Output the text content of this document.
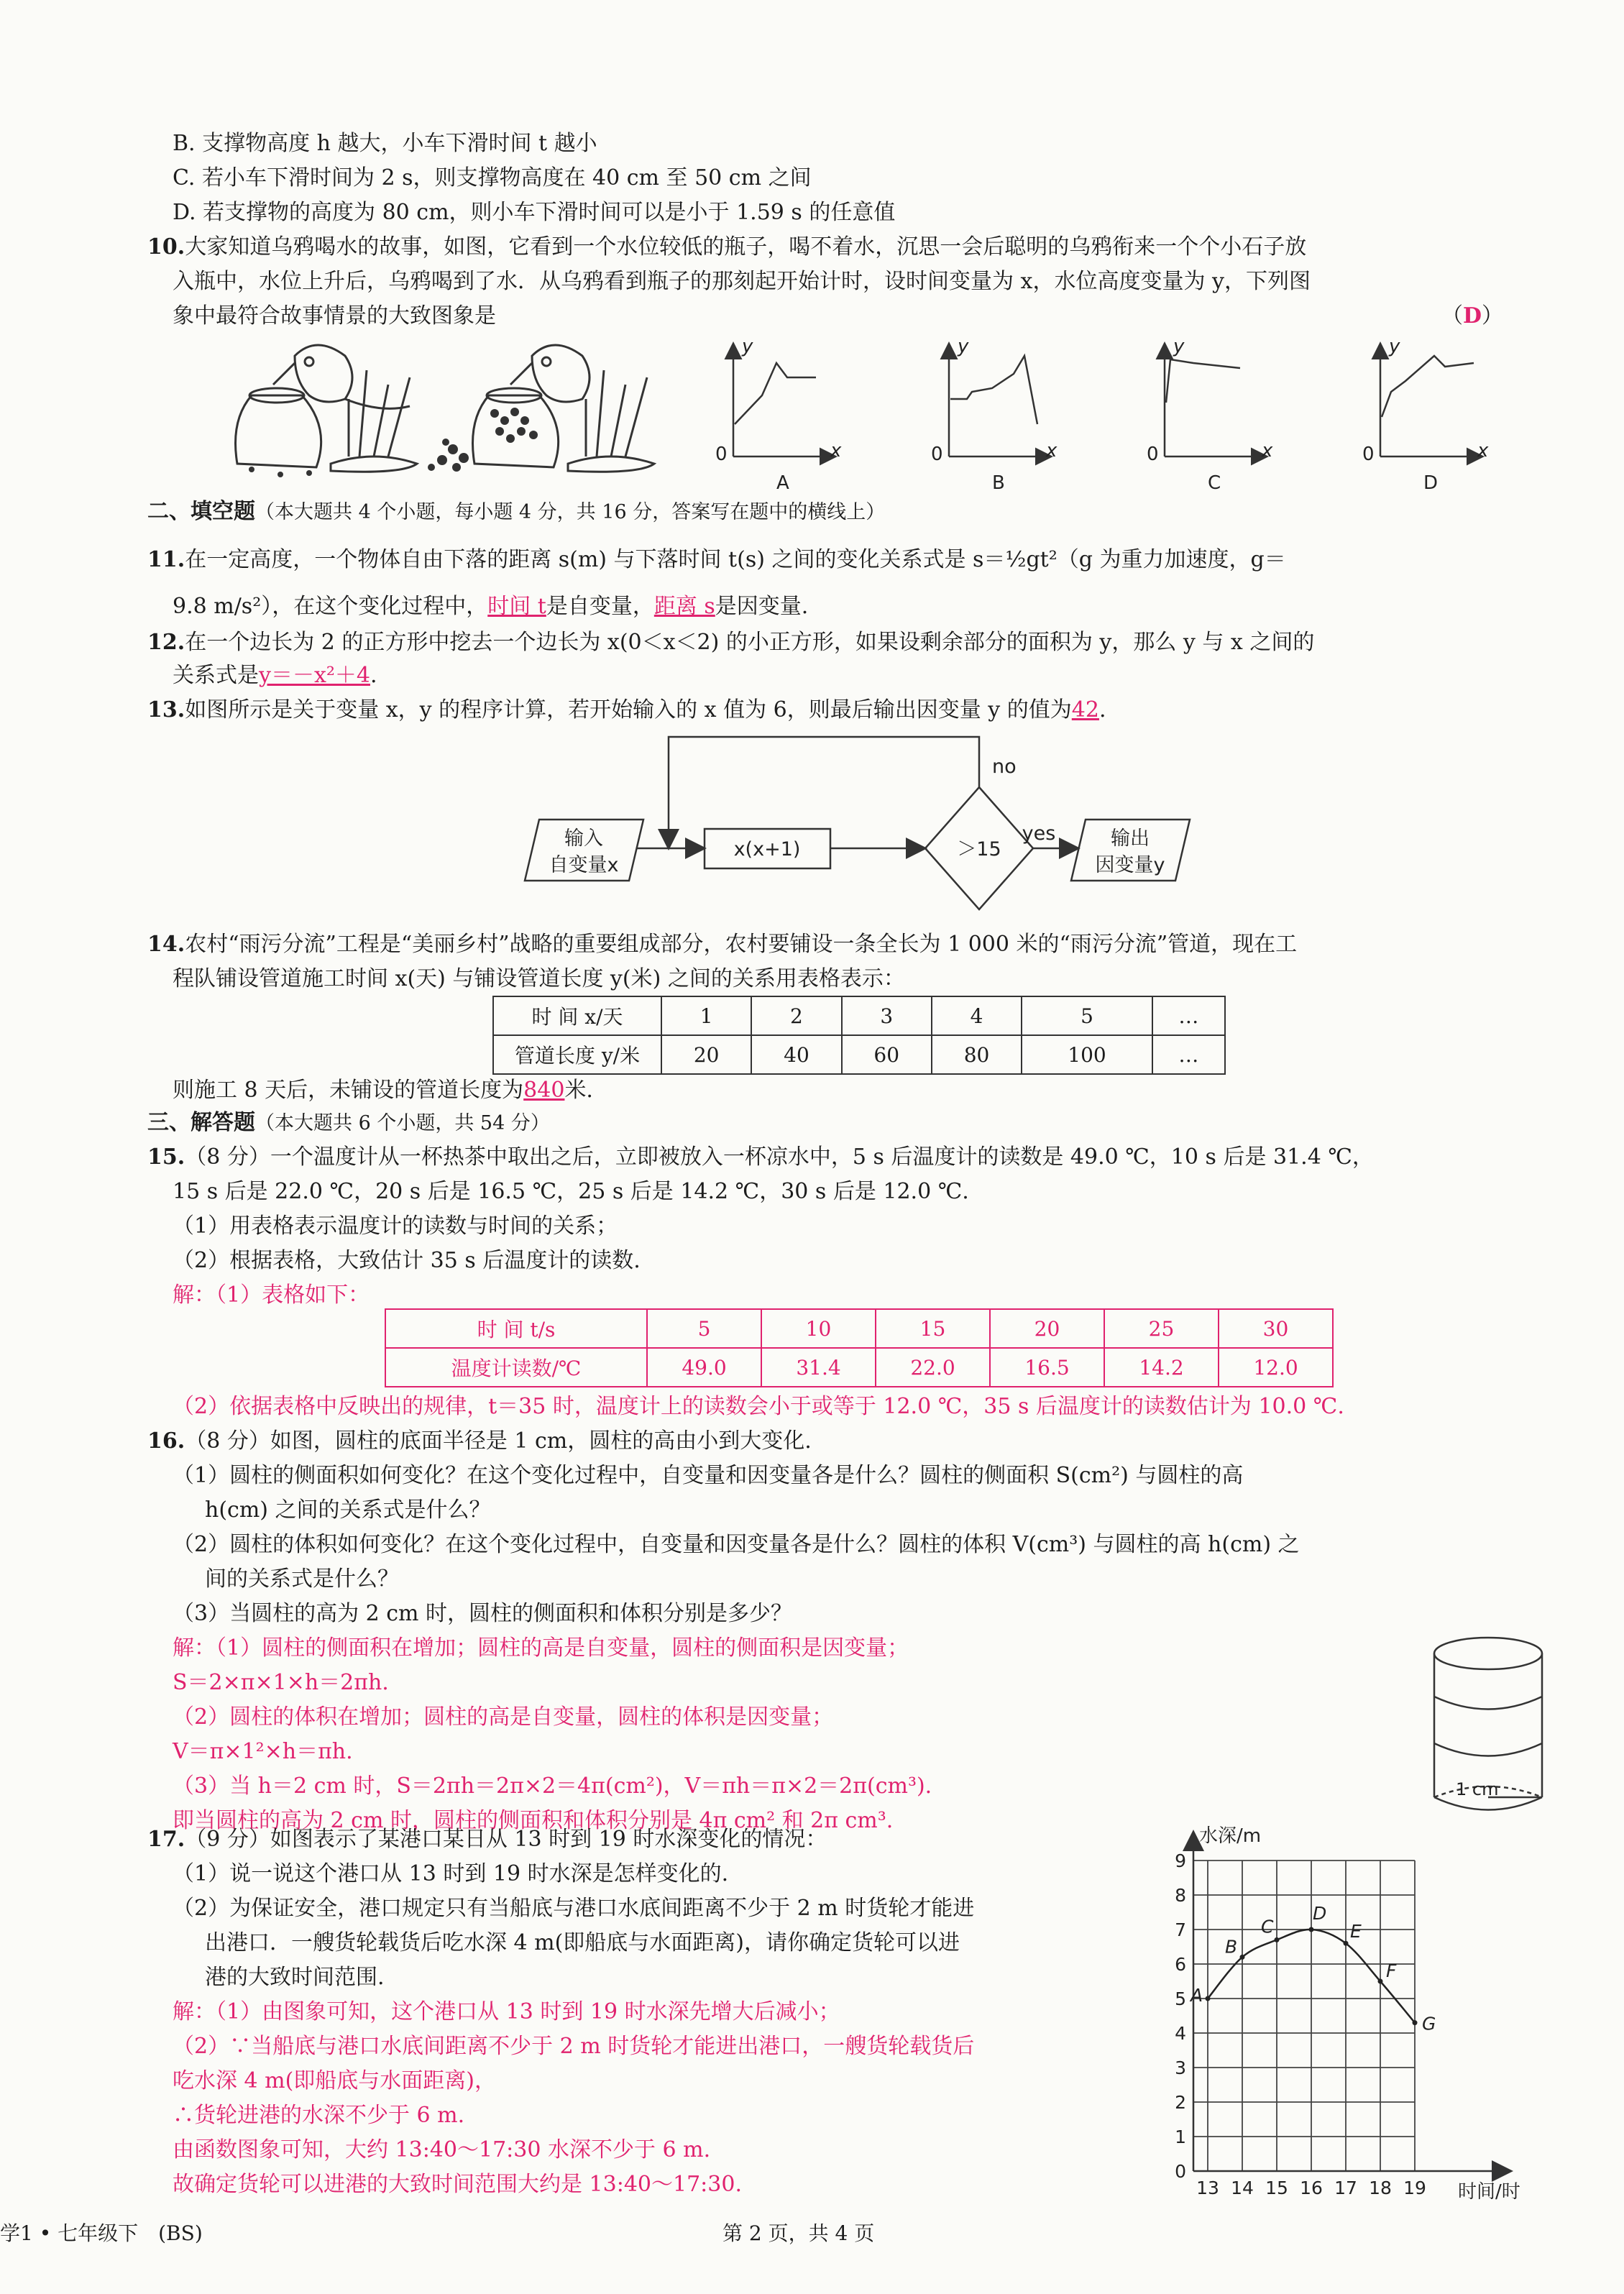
B. 支撑物高度 h 越大，小车下滑时间 t 越小
C. 若小车下滑时间为 2 s，则支撑物高度在 40 cm 至 50 cm 之间
D. 若支撑物的高度为 80 cm，则小车下滑时间可以是小于 1.59 s 的任意值
10.大家知道乌鸦喝水的故事，如图，它看到一个水位较低的瓶子，喝不着水，沉思一会后聪明的乌鸦衔来一个个小石子放
入瓶中，水位上升后，乌鸦喝到了水．从乌鸦看到瓶子的那刻起开始计时，设时间变量为 x，水位高度变量为 y，下列图
象中最符合故事情景的大致图象是	（D）
y
x
y
x
y
x
y
x
0	0	0	0
A	B	C	D
二、填空题（本大题共 4 个小题，每小题 4 分，共 16 分，答案写在题中的横线上）
11.在一定高度，一个物体自由下落的距离 s(m) 与下落时间 t(s) 之间的变化关系式是 s＝½gt²（g 为重力加速度，g＝
9.8 m/s²），在这个变化过程中，时间 t是自变量，距离 s是因变量.
12.在一个边长为 2 的正方形中挖去一个边长为 x(0＜x＜2) 的小正方形，如果设剩余部分的面积为 y，那么 y 与 x 之间的
关系式是y＝－x²＋4.
13.如图所示是关于变量 x，y 的程序计算，若开始输入的 x 值为 6，则最后输出因变量 y 的值为42.
输入
自变量x
x(x+1)	＞15	输出
因变量y
yes
no
14.农村“雨污分流”工程是“美丽乡村”战略的重要组成部分，农村要铺设一条全长为 1 000 米的“雨污分流”管道，现在工
程队铺设管道施工时间 x(天) 与铺设管道长度 y(米) 之间的关系用表格表示：
时 间 x/天	1	2	3	4	5	…
管道长度 y/米	20	40	60	80	100	…
则施工 8 天后，未铺设的管道长度为840米.
三、解答题（本大题共 6 个小题，共 54 分）
15.（8 分）一个温度计从一杯热茶中取出之后，立即被放入一杯凉水中，5 s 后温度计的读数是 49.0 ℃，10 s 后是 31.4 ℃，
15 s 后是 22.0 ℃，20 s 后是 16.5 ℃，25 s 后是 14.2 ℃，30 s 后是 12.0 ℃.
（1）用表格表示温度计的读数与时间的关系；
（2）根据表格，大致估计 35 s 后温度计的读数.
解：（1）表格如下：
时 间 t/s	5	10	15	20	25	30
温度计读数/℃	49.0	31.4	22.0	16.5	14.2	12.0
（2）依据表格中反映出的规律，t＝35 时，温度计上的读数会小于或等于 12.0 ℃，35 s 后温度计的读数估计为 10.0 ℃.
16.（8 分）如图，圆柱的底面半径是 1 cm，圆柱的高由小到大变化.
（1）圆柱的侧面积如何变化？在这个变化过程中，自变量和因变量各是什么？圆柱的侧面积 S(cm²) 与圆柱的高
h(cm) 之间的关系式是什么？
（2）圆柱的体积如何变化？在这个变化过程中，自变量和因变量各是什么？圆柱的体积 V(cm³) 与圆柱的高 h(cm) 之
间的关系式是什么？
（3）当圆柱的高为 2 cm 时，圆柱的侧面积和体积分别是多少？
解：（1）圆柱的侧面积在增加；圆柱的高是自变量，圆柱的侧面积是因变量；
S＝2×π×1×h＝2πh.
（2）圆柱的体积在增加；圆柱的高是自变量，圆柱的体积是因变量；
V＝π×1²×h＝πh.
（3）当 h＝2 cm 时，S＝2πh＝2π×2＝4π(cm²)，V＝πh＝π×2＝2π(cm³).
即当圆柱的高为 2 cm 时，圆柱的侧面积和体积分别是 4π cm² 和 2π cm³.
1 cm
17.（9 分）如图表示了某港口某日从 13 时到 19 时水深变化的情况：
（1）说一说这个港口从 13 时到 19 时水深是怎样变化的.
（2）为保证安全，港口规定只有当船底与港口水底间距离不少于 2 m 时货轮才能进
出港口．一艘货轮载货后吃水深 4 m(即船底与水面距离)，请你确定货轮可以进
港的大致时间范围.
解：（1）由图象可知，这个港口从 13 时到 19 时水深先增大后减小；
（2）∵当船底与港口水底间距离不少于 2 m 时货轮才能进出港口，一艘货轮载货后
吃水深 4 m(即船底与水面距离)，
∴货轮进港的水深不少于 6 m.
由函数图象可知，大约 13:40～17:30 水深不少于 6 m.
故确定货轮可以进港的大致时间范围大约是 13:40～17:30.
水深/m
时间/时
0
1
2
3
4
5
6
7
8
9
13 14 15 16 17 18 19
A
B
C
D
E
F
G
学1 • 七年级下　(BS)	第 2 页，共 4 页
